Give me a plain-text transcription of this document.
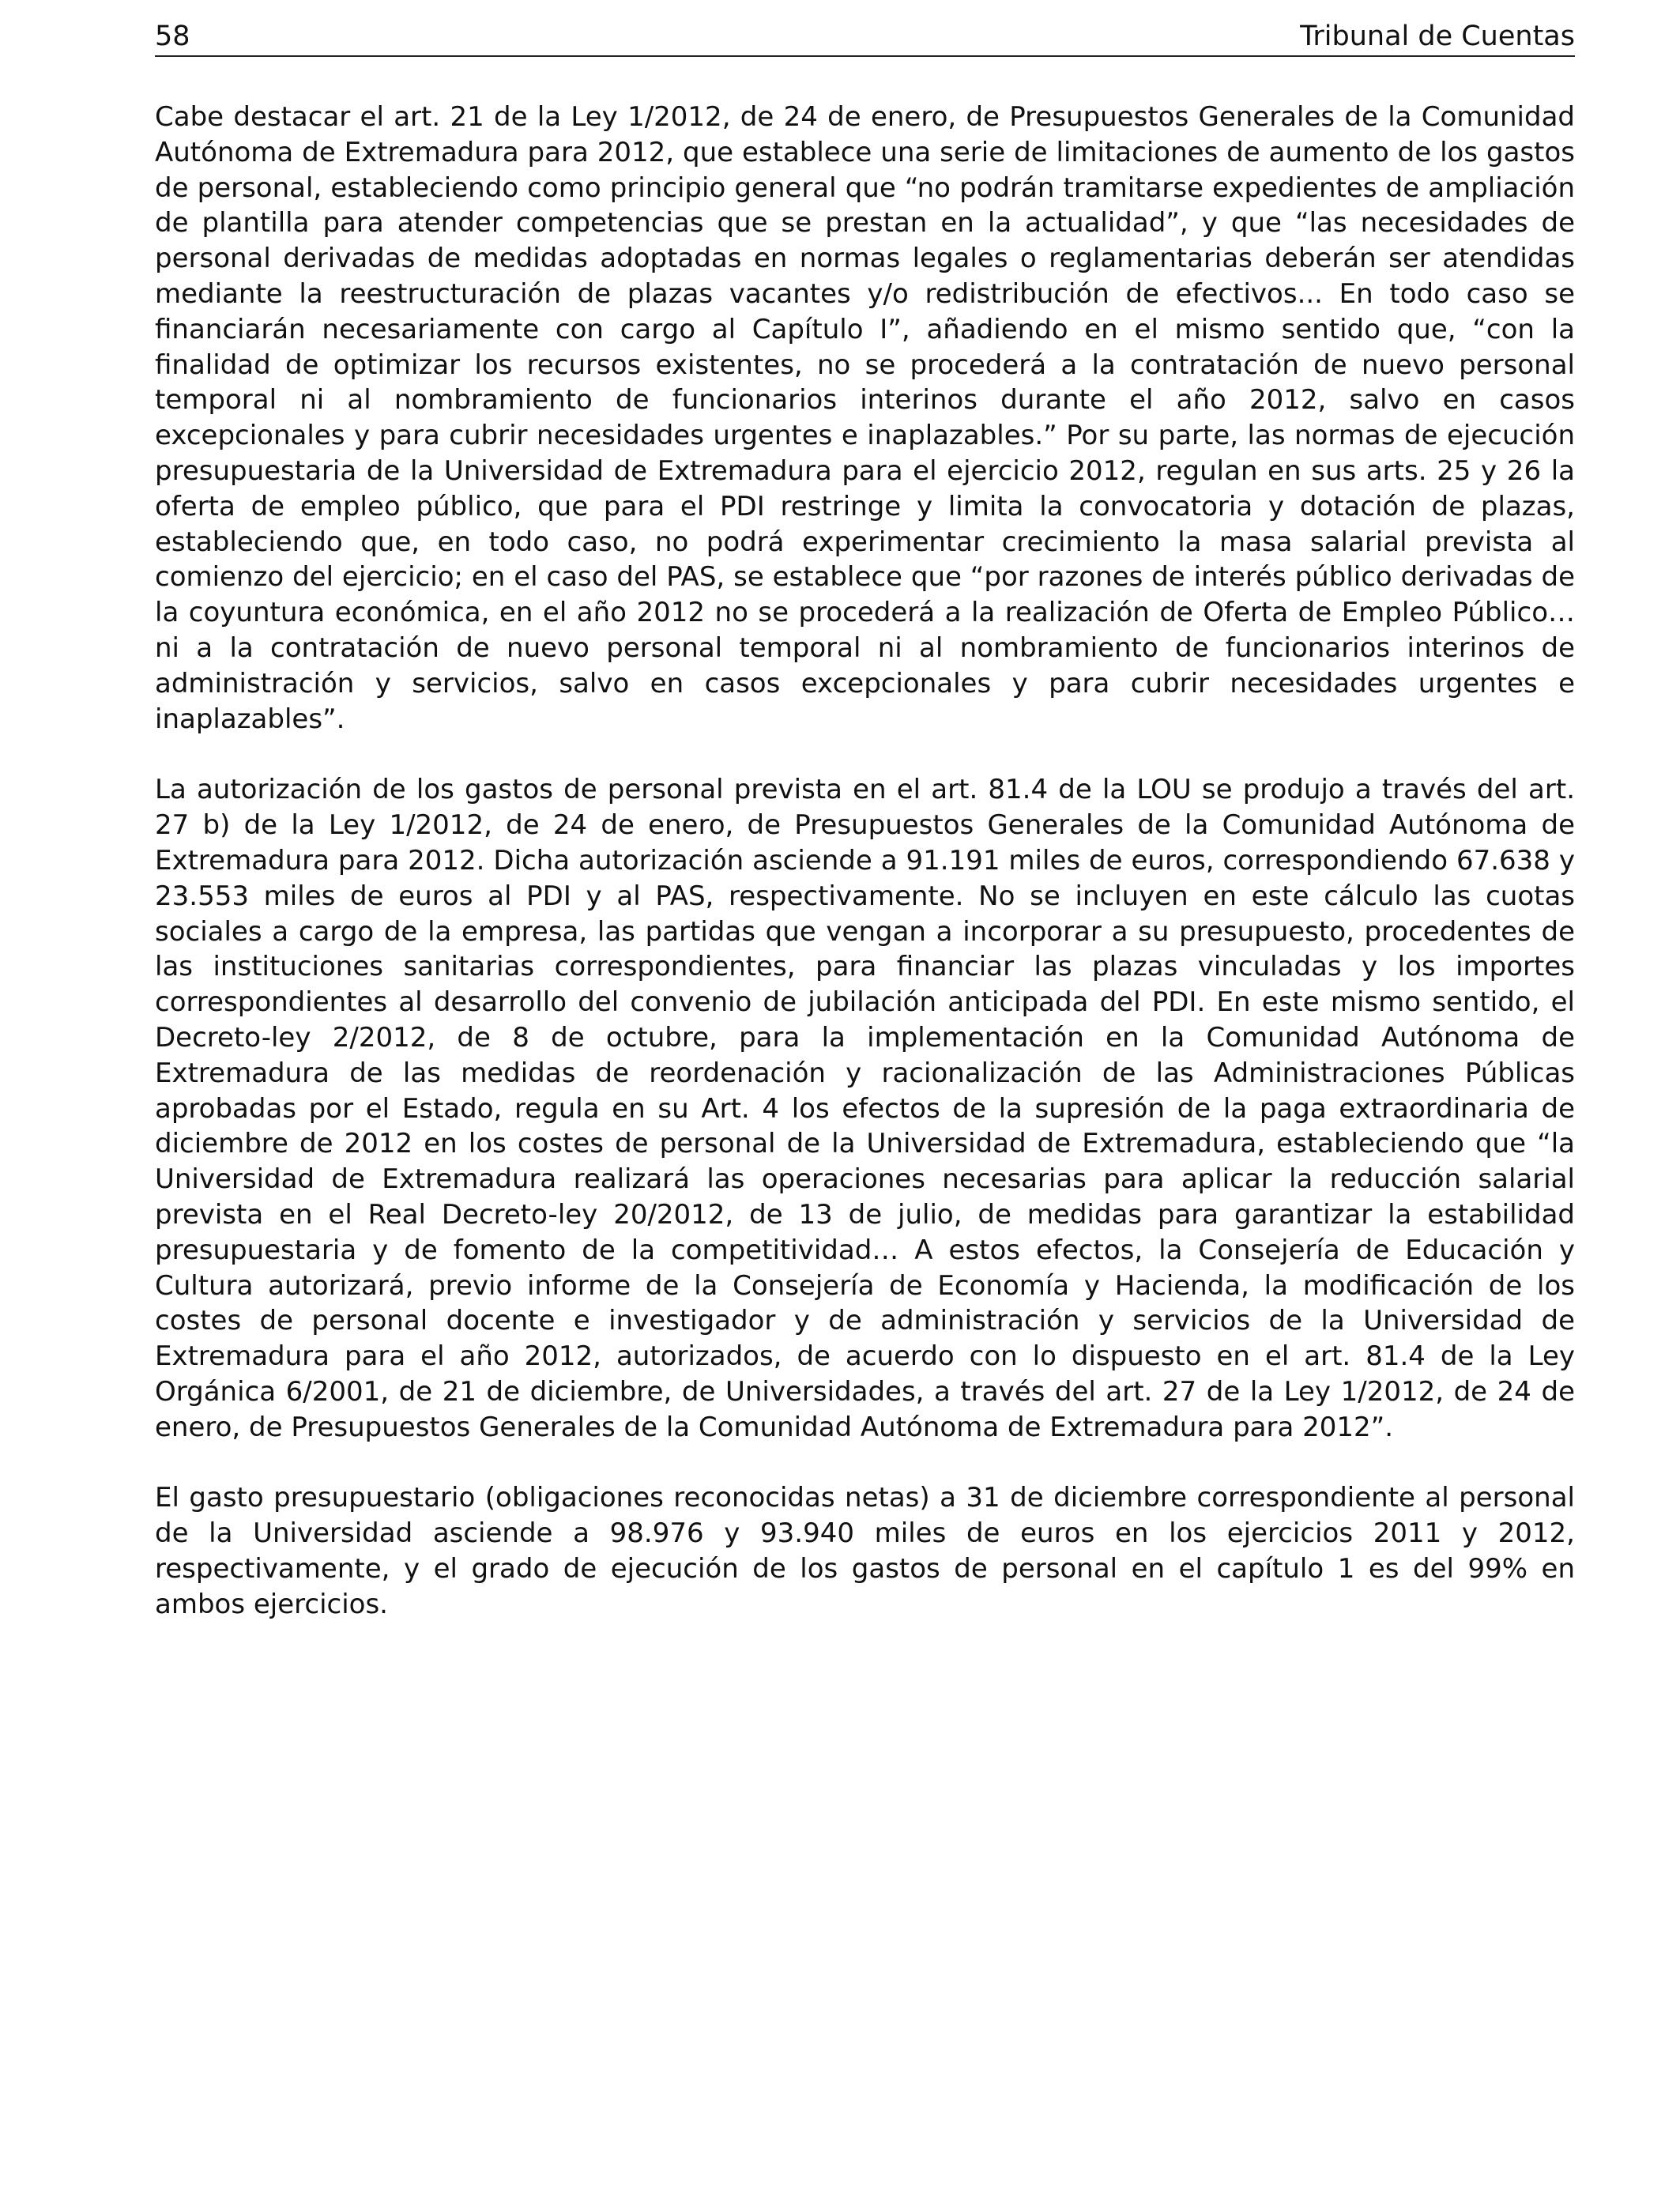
58	Tribunal de Cuentas

Cabe destacar el art. 21 de la Ley 1/2012, de 24 de enero, de Presupuestos Generales de la Comunidad Autónoma de Extremadura para 2012, que establece una serie de limitaciones de aumento de los gastos de personal, estableciendo como principio general que “no podrán tramitarse expedientes de ampliación de plantilla para atender competencias que se prestan en la actualidad”, y que “las necesidades de personal derivadas de medidas adoptadas en normas legales o reglamentarias deberán ser atendidas mediante la reestructuración de plazas vacantes y/o redistribución de efectivos... En todo caso se financiarán necesariamente con cargo al Capítulo I”, añadiendo en el mismo sentido que, “con la finalidad de optimizar los recursos existentes, no se procederá a la contratación de nuevo personal temporal ni al nombramiento de funcionarios interinos durante el año 2012, salvo en casos excepcionales y para cubrir necesidades urgentes e inaplazables.” Por su parte, las normas de ejecución presupuestaria de la Universidad de Extremadura para el ejercicio 2012, regulan en sus arts. 25 y 26 la oferta de empleo público, que para el PDI restringe y limita la convocatoria y dotación de plazas, estableciendo que, en todo caso, no podrá experimentar crecimiento la masa salarial prevista al comienzo del ejercicio; en el caso del PAS, se establece que “por razones de interés público derivadas de la coyuntura económica, en el año 2012 no se procederá a la realización de Oferta de Empleo Público… ni a la contratación de nuevo personal temporal ni al nombramiento de funcionarios interinos de administración y servicios, salvo en casos excepcionales y para cubrir necesidades urgentes e inaplazables”.

La autorización de los gastos de personal prevista en el art. 81.4 de la LOU se produjo a través del art. 27 b) de la Ley 1/2012, de 24 de enero, de Presupuestos Generales de la Comunidad Autónoma de Extremadura para 2012. Dicha autorización asciende a 91.191 miles de euros, correspondiendo 67.638 y 23.553 miles de euros al PDI y al PAS, respectivamente. No se incluyen en este cálculo las cuotas sociales a cargo de la empresa, las partidas que vengan a incorporar a su presupuesto, procedentes de las instituciones sanitarias correspondientes, para financiar las plazas vinculadas y los importes correspondientes al desarrollo del convenio de jubilación anticipada del PDI. En este mismo sentido, el Decreto-ley 2/2012, de 8 de octubre, para la implementación en la Comunidad Autónoma de Extremadura de las medidas de reordenación y racionalización de las Administraciones Públicas aprobadas por el Estado, regula en su Art. 4 los efectos de la supresión de la paga extraordinaria de diciembre de 2012 en los costes de personal de la Universidad de Extremadura, estableciendo que “la Universidad de Extremadura realizará las operaciones necesarias para aplicar la reducción salarial prevista en el Real Decreto-ley 20/2012, de 13 de julio, de medidas para garantizar la estabilidad presupuestaria y de fomento de la competitividad… A estos efectos, la Consejería de Educación y Cultura autorizará, previo informe de la Consejería de Economía y Hacienda, la modificación de los costes de personal docente e investigador y de administración y servicios de la Universidad de Extremadura para el año 2012, autorizados, de acuerdo con lo dispuesto en el art. 81.4 de la Ley Orgánica 6/2001, de 21 de diciembre, de Universidades, a través del art. 27 de la Ley 1/2012, de 24 de enero, de Presupuestos Generales de la Comunidad Autónoma de Extremadura para 2012”.

El gasto presupuestario (obligaciones reconocidas netas) a 31 de diciembre correspondiente al personal de la Universidad asciende a 98.976 y 93.940 miles de euros en los ejercicios 2011 y 2012, respectivamente, y el grado de ejecución de los gastos de personal en el capítulo 1 es del 99% en ambos ejercicios.
